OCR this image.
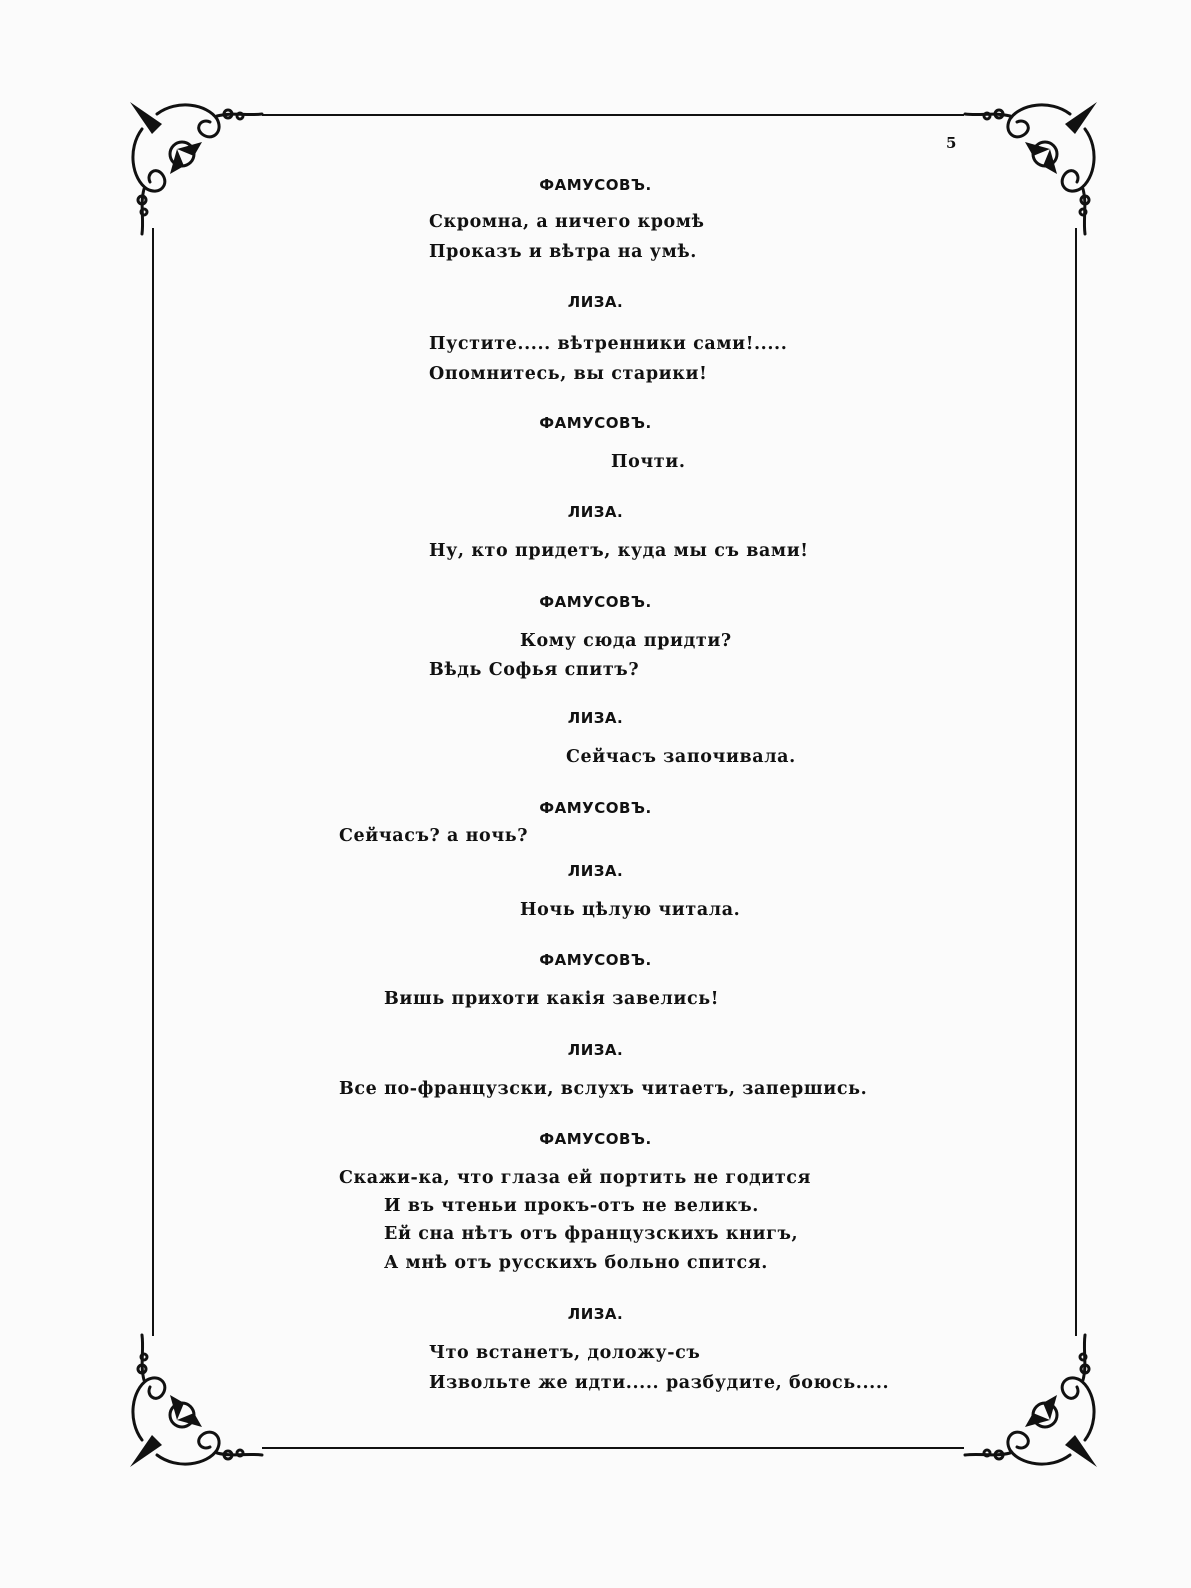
5
ФАМУСОВЪ.
Скромна, а ничего кромѣ
Проказъ и вѣтра на умѣ.
ЛИЗА.
Пустите..... вѣтренники сами!.....
Опомнитесь, вы старики!
ФАМУСОВЪ.
Почти.
ЛИЗА.
Ну, кто придетъ, куда мы съ вами!
ФАМУСОВЪ.
Кому сюда придти?
Вѣдь Софья спитъ?
ЛИЗА.
Сейчасъ започивала.
ФАМУСОВЪ.
Сейчасъ? а ночь?
ЛИЗА.
Ночь цѣлую читала.
ФАМУСОВЪ.
Вишь прихоти какія завелись!
ЛИЗА.
Все по-французски, вслухъ читаетъ, запершись.
ФАМУСОВЪ.
Скажи-ка, что глаза ей портить не годится
И въ чтеньи прокъ-отъ не великъ.
Ей сна нѣтъ отъ французскихъ книгъ,
А мнѣ отъ русскихъ больно спится.
ЛИЗА.
Что встанетъ, доложу-съ
Извольте же идти..... разбудите, боюсь.....
